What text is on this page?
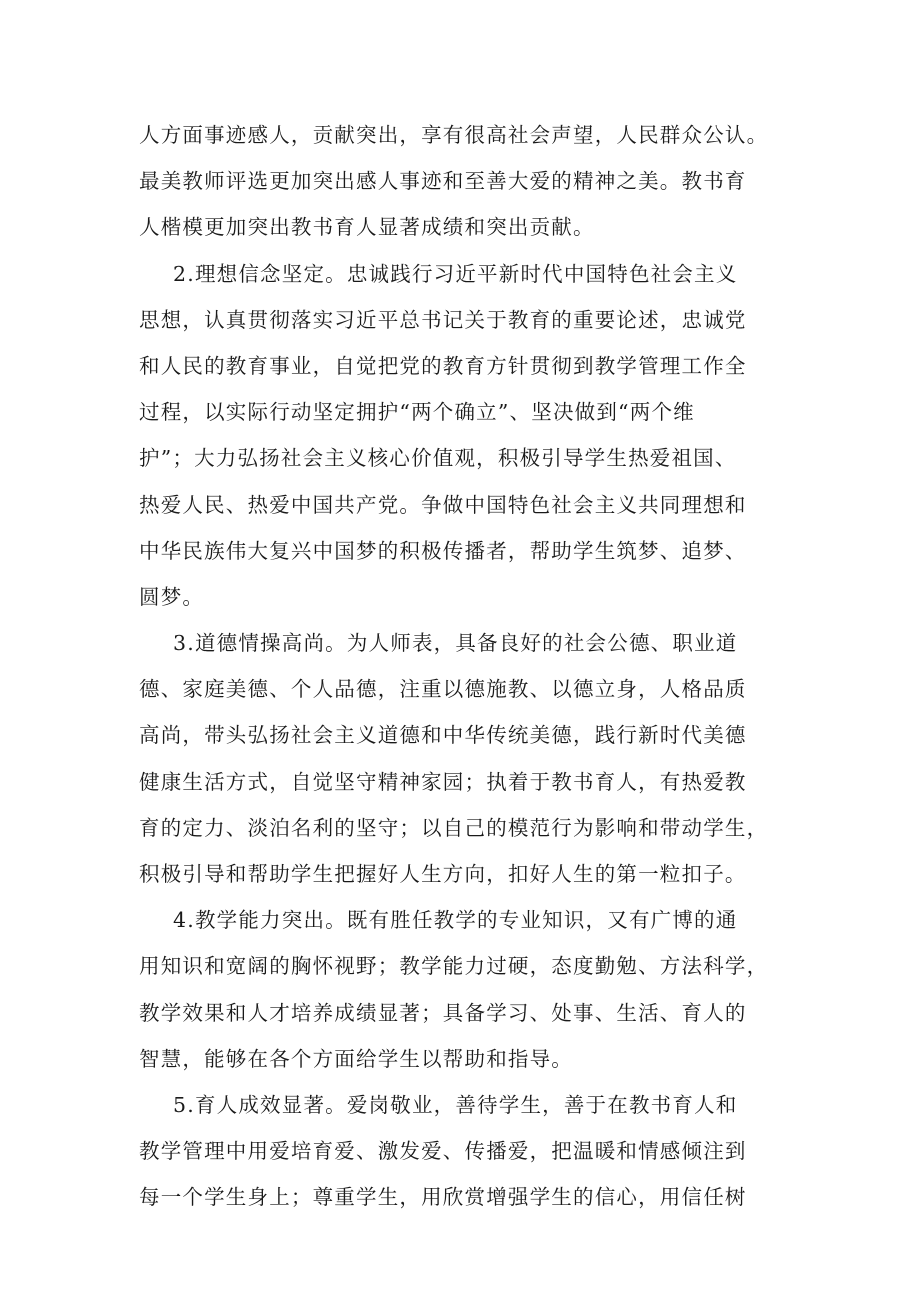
人方面事迹感人，贡献突出，享有很高社会声望，人民群众公认。
最美教师评选更加突出感人事迹和至善大爱的精神之美。教书育
人楷模更加突出教书育人显著成绩和突出贡献。
2.理想信念坚定。忠诚践行习近平新时代中国特色社会主义
思想，认真贯彻落实习近平总书记关于教育的重要论述，忠诚党
和人民的教育事业，自觉把党的教育方针贯彻到教学管理工作全
过程，以实际行动坚定拥护“两个确立”、坚决做到“两个维
护”；大力弘扬社会主义核心价值观，积极引导学生热爱祖国、
热爱人民、热爱中国共产党。争做中国特色社会主义共同理想和
中华民族伟大复兴中国梦的积极传播者，帮助学生筑梦、追梦、
圆梦。
3.道德情操高尚。为人师表，具备良好的社会公德、职业道
德、家庭美德、个人品德，注重以德施教、以德立身，人格品质
高尚，带头弘扬社会主义道德和中华传统美德，践行新时代美德
健康生活方式，自觉坚守精神家园；执着于教书育人，有热爱教
育的定力、淡泊名利的坚守；以自己的模范行为影响和带动学生，
积极引导和帮助学生把握好人生方向，扣好人生的第一粒扣子。
4.教学能力突出。既有胜任教学的专业知识，又有广博的通
用知识和宽阔的胸怀视野；教学能力过硬，态度勤勉、方法科学，
教学效果和人才培养成绩显著；具备学习、处事、生活、育人的
智慧，能够在各个方面给学生以帮助和指导。
5.育人成效显著。爱岗敬业，善待学生，善于在教书育人和
教学管理中用爱培育爱、激发爱、传播爱，把温暖和情感倾注到
每一个学生身上；尊重学生，用欣赏增强学生的信心，用信任树
